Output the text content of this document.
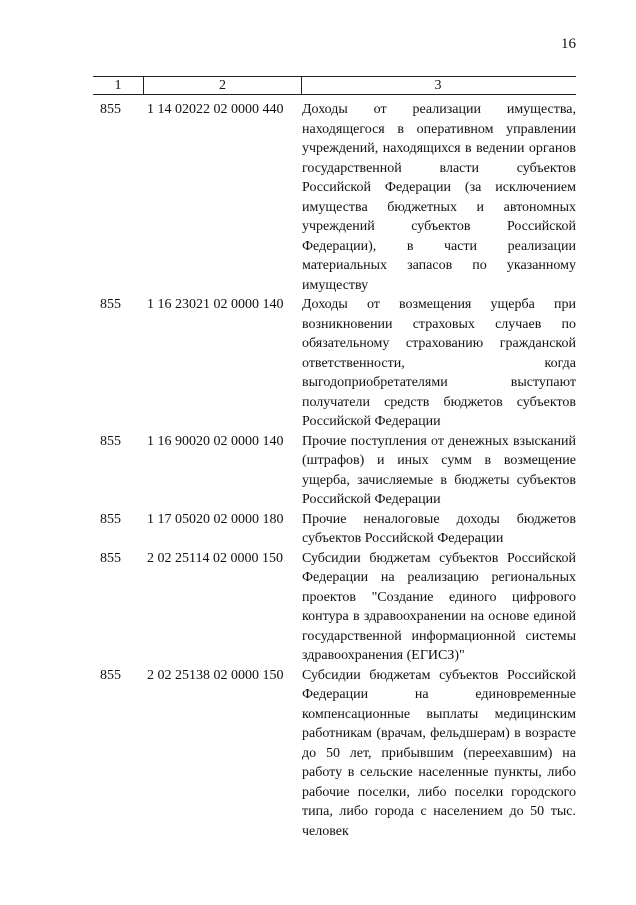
16
1	2	3
855 1 14 02022 02 0000 440 Доходы от реализации имущества, находящегося в оперативном управлении учреждений, находящихся в ведении органов государственной власти субъектов Российской Федерации (за исключением имущества бюджетных и автономных учреждений субъектов Российской Федерации), в части реализации материальных запасов по указанному имуществу
855 1 16 23021 02 0000 140 Доходы от возмещения ущерба при возникновении страховых случаев по обязательному страхованию гражданской ответственности, когда выгодоприобретателями выступают получатели средств бюджетов субъектов Российской Федерации
855 1 16 90020 02 0000 140 Прочие поступления от денежных взысканий (штрафов) и иных сумм в возмещение ущерба, зачисляемые в бюджеты субъектов Российской Федерации
855 1 17 05020 02 0000 180 Прочие неналоговые доходы бюджетов субъектов Российской Федерации
855 2 02 25114 02 0000 150 Субсидии бюджетам субъектов Российской Федерации на реализацию региональных проектов "Создание единого цифрового контура в здравоохранении на основе единой государственной информационной системы здравоохранения (ЕГИСЗ)"
855 2 02 25138 02 0000 150 Субсидии бюджетам субъектов Российской Федерации на единовременные компенсационные выплаты медицинским работникам (врачам, фельдшерам) в возрасте до 50 лет, прибывшим (переехавшим) на работу в сельские населенные пункты, либо рабочие поселки, либо поселки городского типа, либо города с населением до 50 тыс. человек
